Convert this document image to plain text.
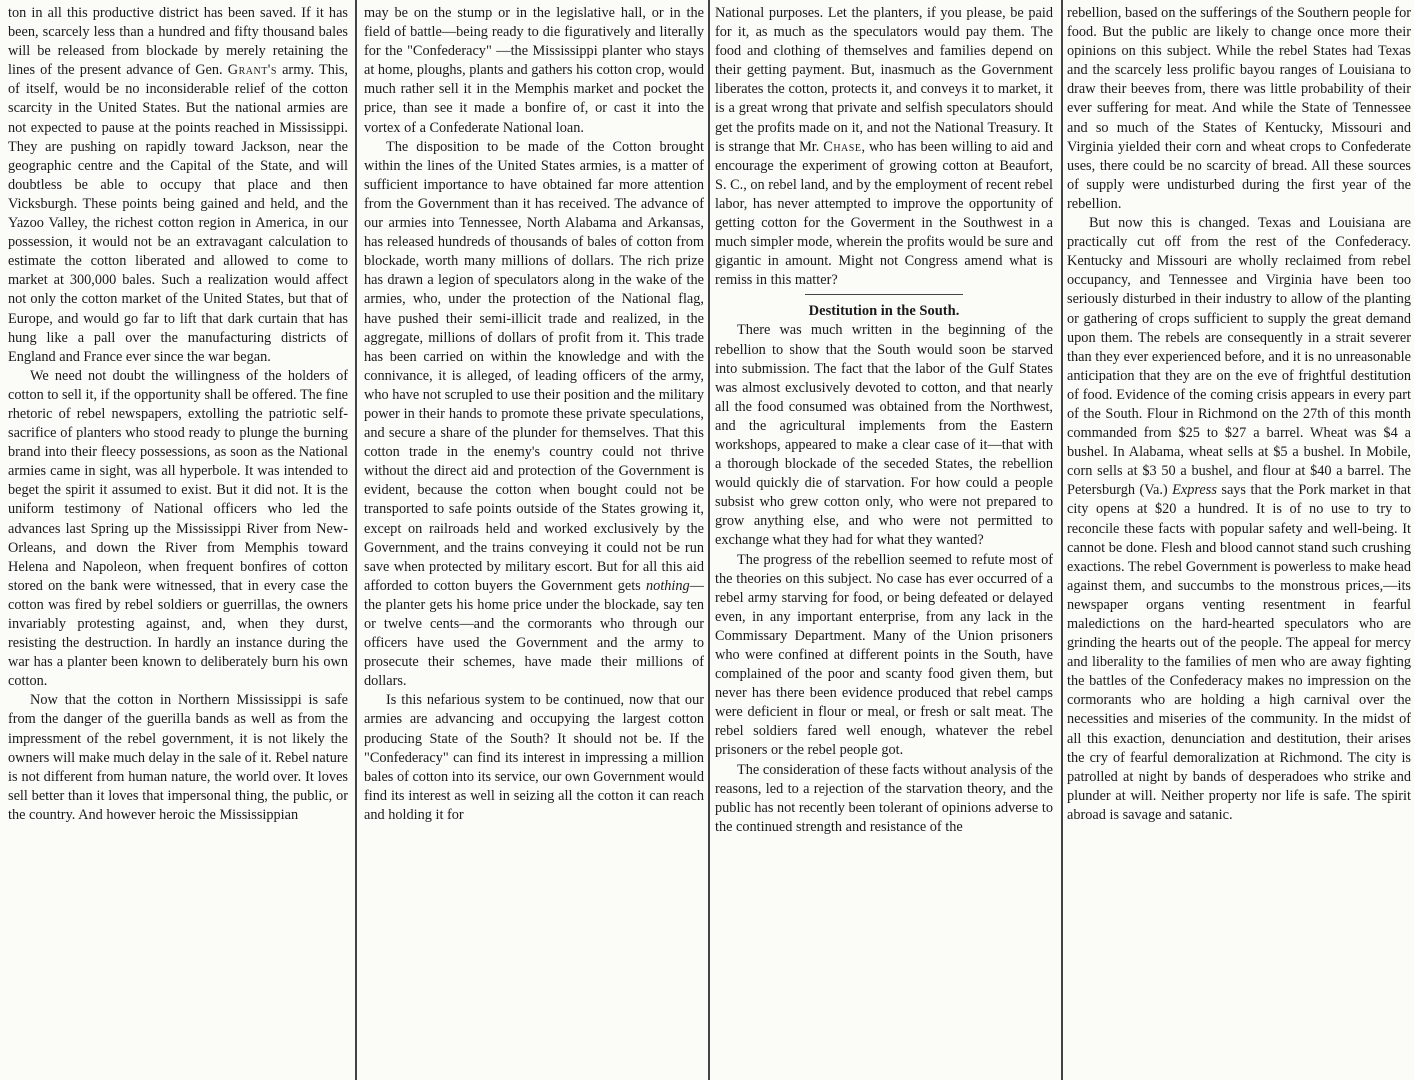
ton in all this productive district has been saved. If it has been, scarcely less than a hundred and fifty thousand bales will be released from blockade by merely retaining the lines of the present advance of Gen. Grant's army. This, of itself, would be no inconsiderable relief of the cotton scarcity in the United States. But the national armies are not expected to pause at the points reached in Mississippi. They are pushing on rapidly toward Jackson, near the geographic centre and the Capital of the State, and will doubtless be able to occupy that place and then Vicksburgh. These points being gained and held, and the Yazoo Valley, the richest cotton region in America, in our possession, it would not be an extravagant calculation to estimate the cotton liberated and allowed to come to market at 300,000 bales. Such a realization would affect not only the cotton market of the United States, but that of Europe, and would go far to lift that dark curtain that has hung like a pall over the manufacturing districts of England and France ever since the war began.

We need not doubt the willingness of the holders of cotton to sell it, if the opportunity shall be offered. The fine rhetoric of rebel newspapers, extolling the patriotic self-sacrifice of planters who stood ready to plunge the burning brand into their fleecy possessions, as soon as the National armies came in sight, was all hyperbole. It was intended to beget the spirit it assumed to exist. But it did not. It is the uniform testimony of National officers who led the advances last Spring up the Mississippi River from New-Orleans, and down the River from Memphis toward Helena and Napoleon, when frequent bonfires of cotton stored on the bank were witnessed, that in every case the cotton was fired by rebel soldiers or guerrillas, the owners invariably protesting against, and, when they durst, resisting the destruction. In hardly an instance during the war has a planter been known to deliberately burn his own cotton.

Now that the cotton in Northern Mississippi is safe from the danger of the guerilla bands as well as from the impressment of the rebel government, it is not likely the owners will make much delay in the sale of it. Rebel nature is not different from human nature, the world over. It loves sell better than it loves that impersonal thing, the public, or the country. And however heroic the Mississippian

may be on the stump or in the legislative hall, or in the field of battle—being ready to die figuratively and literally for the "Confederacy" —the Mississippi planter who stays at home, ploughs, plants and gathers his cotton crop, would much rather sell it in the Memphis market and pocket the price, than see it made a bonfire of, or cast it into the vortex of a Confederate National loan.

The disposition to be made of the Cotton brought within the lines of the United States armies, is a matter of sufficient importance to have obtained far more attention from the Government than it has received. The advance of our armies into Tennessee, North Alabama and Arkansas, has released hundreds of thousands of bales of cotton from blockade, worth many millions of dollars. The rich prize has drawn a legion of speculators along in the wake of the armies, who, under the protection of the National flag, have pushed their semi-illicit trade and realized, in the aggregate, millions of dollars of profit from it. This trade has been carried on within the knowledge and with the connivance, it is alleged, of leading officers of the army, who have not scrupled to use their position and the military power in their hands to promote these private speculations, and secure a share of the plunder for themselves. That this cotton trade in the enemy's country could not thrive without the direct aid and protection of the Government is evident, because the cotton when bought could not be transported to safe points outside of the States growing it, except on railroads held and worked exclusively by the Government, and the trains conveying it could not be run save when protected by military escort. But for all this aid afforded to cotton buyers the Government gets nothing— the planter gets his home price under the blockade, say ten or twelve cents—and the cormorants who through our officers have used the Government and the army to prosecute their schemes, have made their millions of dollars.

Is this nefarious system to be continued, now that our armies are advancing and occupying the largest cotton producing State of the South? It should not be. If the "Confederacy" can find its interest in impressing a million bales of cotton into its service, our own Government would find its interest as well in seizing all the cotton it can reach and holding it for

National purposes. Let the planters, if you please, be paid for it, as much as the speculators would pay them. The food and clothing of themselves and families depend on their getting payment. But, inasmuch as the Government liberates the cotton, protects it, and conveys it to market, it is a great wrong that private and selfish speculators should get the profits made on it, and not the National Treasury. It is strange that Mr. Chase, who has been willing to aid and encourage the experiment of growing cotton at Beaufort, S. C., on rebel land, and by the employment of recent rebel labor, has never attempted to improve the opportunity of getting cotton for the Goverment in the Southwest in a much simpler mode, wherein the profits would be sure and gigantic in amount. Might not Congress amend what is remiss in this matter?

Destitution in the South.

There was much written in the beginning of the rebellion to show that the South would soon be starved into submission. The fact that the labor of the Gulf States was almost exclusively devoted to cotton, and that nearly all the food consumed was obtained from the Northwest, and the agricultural implements from the Eastern workshops, appeared to make a clear case of it—that with a thorough blockade of the seceded States, the rebellion would quickly die of starvation. For how could a people subsist who grew cotton only, who were not prepared to grow anything else, and who were not permitted to exchange what they had for what they wanted?

The progress of the rebellion seemed to refute most of the theories on this subject. No case has ever occurred of a rebel army starving for food, or being defeated or delayed even, in any important enterprise, from any lack in the Commissary Department. Many of the Union prisoners who were confined at different points in the South, have complained of the poor and scanty food given them, but never has there been evidence produced that rebel camps were deficient in flour or meal, or fresh or salt meat. The rebel soldiers fared well enough, whatever the rebel prisoners or the rebel people got.

The consideration of these facts without analysis of the reasons, led to a rejection of the starvation theory, and the public has not recently been tolerant of opinions adverse to the continued strength and resistance of the

rebellion, based on the sufferings of the Southern people for food. But the public are likely to change once more their opinions on this subject. While the rebel States had Texas and the scarcely less prolific bayou ranges of Louisiana to draw their beeves from, there was little probability of their ever suffering for meat. And while the State of Tennessee and so much of the States of Kentucky, Missouri and Virginia yielded their corn and wheat crops to Confederate uses, there could be no scarcity of bread. All these sources of supply were undisturbed during the first year of the rebellion.

But now this is changed. Texas and Louisiana are practically cut off from the rest of the Confederacy. Kentucky and Missouri are wholly reclaimed from rebel occupancy, and Tennessee and Virginia have been too seriously disturbed in their industry to allow of the planting or gathering of crops sufficient to supply the great demand upon them. The rebels are consequently in a strait severer than they ever experienced before, and it is no unreasonable anticipation that they are on the eve of frightful destitution of food. Evidence of the coming crisis appears in every part of the South. Flour in Richmond on the 27th of this month commanded from $25 to $27 a barrel. Wheat was $4 a bushel. In Alabama, wheat sells at $5 a bushel. In Mobile, corn sells at $3 50 a bushel, and flour at $40 a barrel. The Petersburgh (Va.) Express says that the Pork market in that city opens at $20 a hundred. It is of no use to try to reconcile these facts with popular safety and well-being. It cannot be done. Flesh and blood cannot stand such crushing exactions. The rebel Government is powerless to make head against them, and succumbs to the monstrous prices,—its newspaper organs venting resentment in fearful maledictions on the hard-hearted speculators who are grinding the hearts out of the people. The appeal for mercy and liberality to the families of men who are away fighting the battles of the Confederacy makes no impression on the cormorants who are holding a high carnival over the necessities and miseries of the community. In the midst of all this exaction, denunciation and destitution, their arises the cry of fearful demoralization at Richmond. The city is patrolled at night by bands of desperadoes who strike and plunder at will. Neither property nor life is safe. The spirit abroad is savage and satanic.
